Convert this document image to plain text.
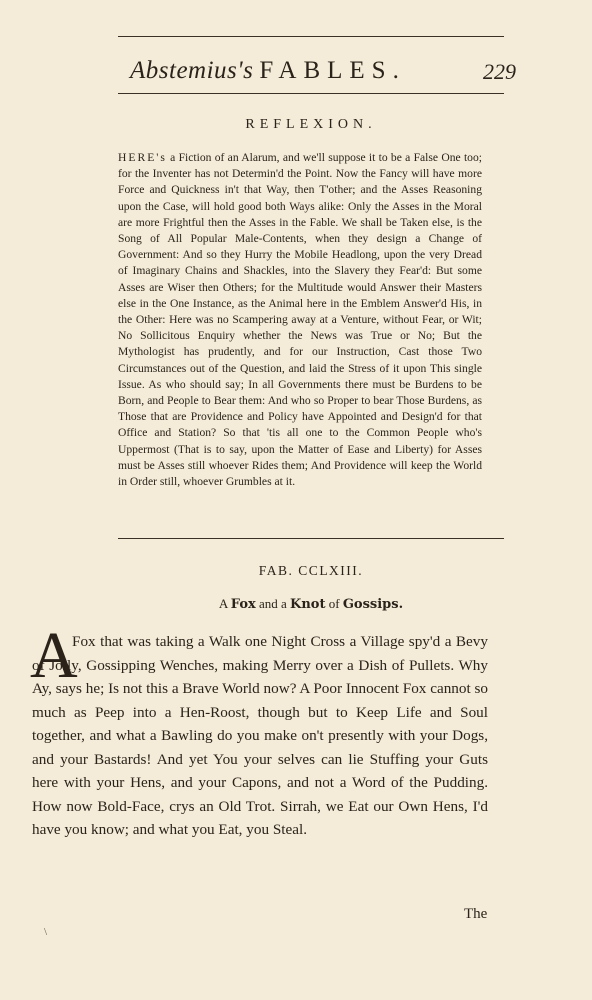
Abstemius's FABLES.	229
REFLEXION.
HERE's a Fiction of an Alarum, and we'll suppose it to be a False One too; for the Inventer has not Determin'd the Point. Now the Fancy will have more Force and Quickness in't that Way, then T'other; and the Asses Reasoning upon the Case, will hold good both Ways alike: Only the Asses in the Moral are more Frightful then the Asses in the Fable. We shall be Taken else, is the Song of All Popular Male-Contents, when they design a Change of Government: And so they Hurry the Mobile Headlong, upon the very Dread of Imaginary Chains and Shackles, into the Slavery they Fear'd: But some Asses are Wiser then Others; for the Multitude would Answer their Masters else in the One Instance, as the Animal here in the Emblem Answer'd His, in the Other: Here was no Scampering away at a Venture, without Fear, or Wit; No Sollicitous Enquiry whether the News was True or No; But the Mythologist has prudently, and for our Instruction, Cast those Two Circumstances out of the Question, and laid the Stress of it upon This single Issue. As who should say; In all Governments there must be Burdens to be Born, and People to Bear them: And who so Proper to bear Those Burdens, as Those that are Providence and Policy have Appointed and Design'd for that Office and Station? So that 'tis all one to the Common People who's Uppermost (That is to say, upon the Matter of Ease and Liberty) for Asses must be Asses still whoever Rides them; And Providence will keep the World in Order still, whoever Grumbles at it.
FAB. CCLXIII.
A Fox and a Knot of Gossips.
A
Fox that was taking a Walk one Night Cross a Village spy'd a Bevy of Jolly, Gossipping Wenches, making Merry over a Dish of Pullets. Why Ay, says he; Is not this a Brave World now? A Poor Innocent Fox cannot so much as Peep into a Hen-Roost, though but to Keep Life and Soul together, and what a Bawling do you make on't presently with your Dogs, and your Bastards! And yet You your selves can lie Stuffing your Guts here with your Hens, and your Capons, and not a Word of the Pudding. How now Bold-Face, crys an Old Trot. Sirrah, we Eat our Own Hens, I'd have you know; and what you Eat, you Steal.
The
\
